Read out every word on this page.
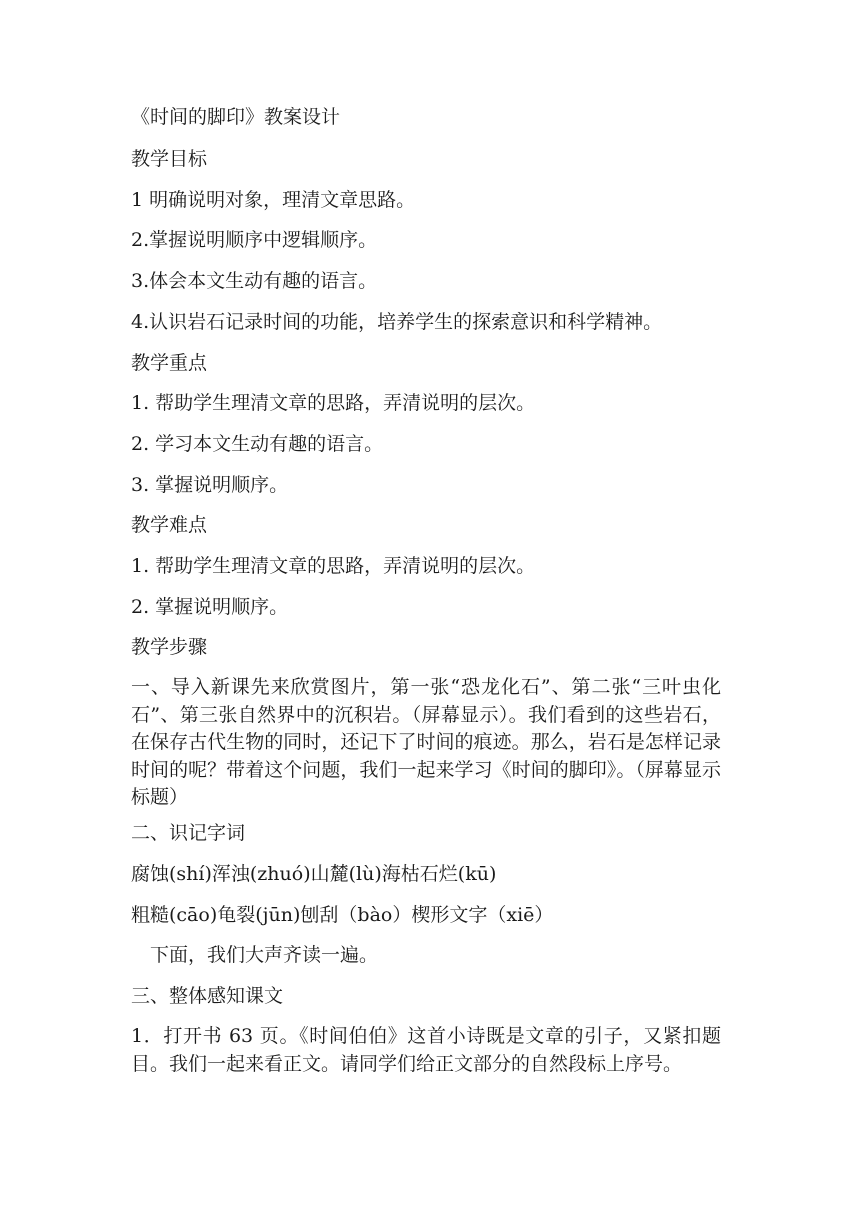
《时间的脚印》教案设计
教学目标
1 明确说明对象，理清文章思路。
2.掌握说明顺序中逻辑顺序。
3.体会本文生动有趣的语言。
4.认识岩石记录时间的功能，培养学生的探索意识和科学精神。
教学重点
1. 帮助学生理清文章的思路，弄清说明的层次。
2. 学习本文生动有趣的语言。
3. 掌握说明顺序。
教学难点
1. 帮助学生理清文章的思路，弄清说明的层次。
2. 掌握说明顺序。
教学步骤
一、导入新课先来欣赏图片，第一张“恐龙化石”、第二张“三叶虫化石”、第三张自然界中的沉积岩。（屏幕显示）。我们看到的这些岩石，在保存古代生物的同时，还记下了时间的痕迹。那么，岩石是怎样记录时间的呢？带着这个问题，我们一起来学习《时间的脚印》。（屏幕显示标题）
二、识记字词
腐蚀(shí)浑浊(zhuó)山麓(lù)海枯石烂(kū)
粗糙(cāo)龟裂(jūn)刨刮（bào）楔形文字（xiē）
下面，我们大声齐读一遍。
三、整体感知课文
1．打开书 63 页。《时间伯伯》这首小诗既是文章的引子，又紧扣题目。我们一起来看正文。请同学们给正文部分的自然段标上序号。
